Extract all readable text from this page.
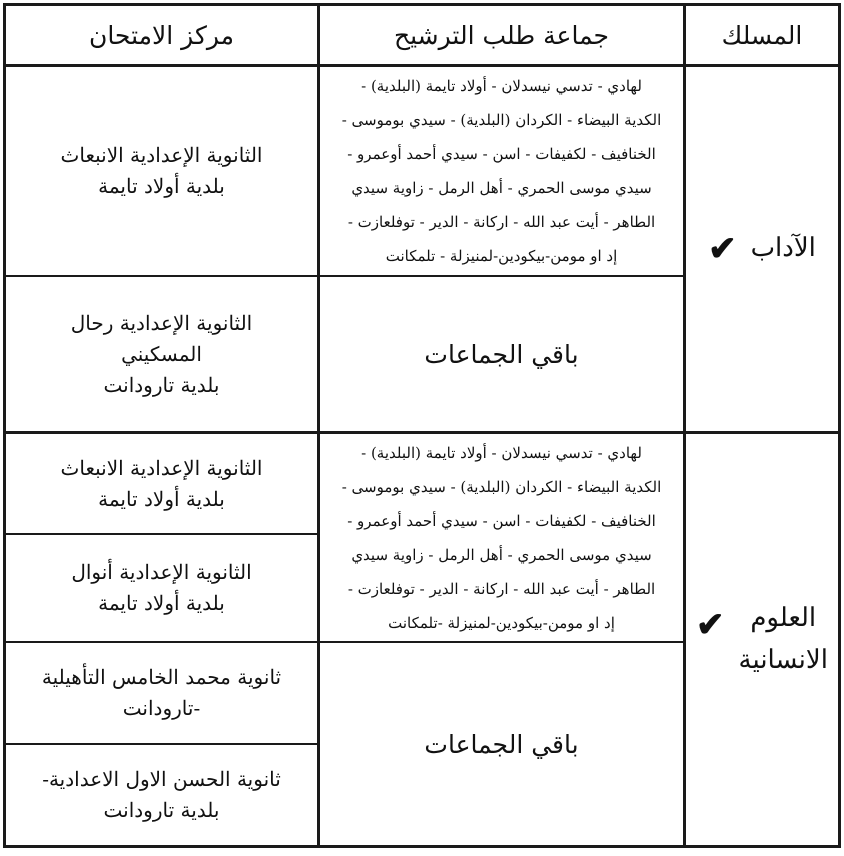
مركز الامتحان	جماعة طلب الترشيح	المسلك
الآداب
✔
لهادي - تدسي نيسدلان - أولاد تايمة (البلدية) -
الكدية البيضاء - الكردان (البلدية) - سيدي بوموسى -
الخنافيف - لكفيفات - اسن - سيدي أحمد أوعمرو -
سيدي موسى الحمري - أهل الرمل - زاوية سيدي
الطاهر - أيت عبد الله - اركانة - الدير - توفلعازت -
إد او مومن-بيكودين-لمنيزلة - تلمكانت
الثانوية الإعدادية الانبعاث
بلدية أولاد تايمة
باقي الجماعات
الثانوية الإعدادية رحال
المسكيني
بلدية تارودانت
العلوم
الانسانية
✔
لهادي - تدسي نيسدلان - أولاد تايمة (البلدية) -
الكدية البيضاء - الكردان (البلدية) - سيدي بوموسى -
الخنافيف - لكفيفات - اسن - سيدي أحمد أوعمرو -
سيدي موسى الحمري - أهل الرمل - زاوية سيدي
الطاهر - أيت عبد الله - اركانة - الدير - توفلعازت -
إد او مومن-بيكودين-لمنيزلة -تلمكانت
الثانوية الإعدادية الانبعاث
بلدية أولاد تايمة
الثانوية الإعدادية أنوال
بلدية أولاد تايمة
باقي الجماعات
ثانوية محمد الخامس التأهيلية
-تارودانت
ثانوية الحسن الاول الاعدادية-
بلدية تارودانت
